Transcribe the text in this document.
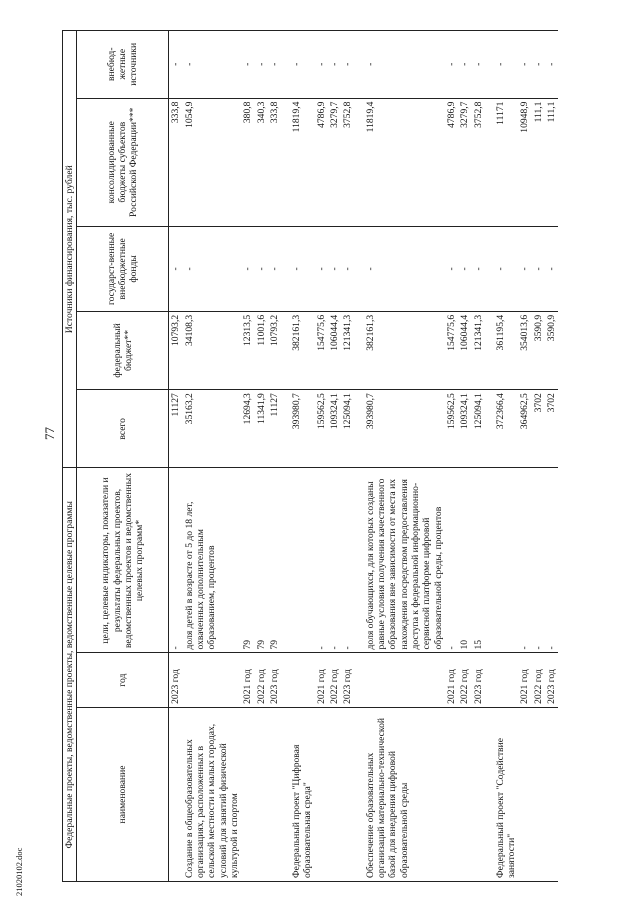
77
Федеральные проекты, ведомственные проекты, ведомственные целевые программы			Источники финансирования, тыс. рублей				
наименование	год	цели, целевые индикаторы, показатели и результаты федеральных проектов, ведомственных проектов и ведомственных целевых программ*	всего	федеральный бюджет**	государст-венные внебюджетные фонды	консолидированные бюджеты субъектов Российской Федерации***	внебюд-жетные источники
	2023 год	-	11127	10793,2	-	333,8	-
Создание в общеобразовательных организациях, расположенных в сельской местности и малых городах, условий для занятий физической культурой и спортом		доля детей в возрасте от 5 до 18 лет, охваченных дополнительным образованием, процентов	35163,2	34108,3	-	1054,9	-
	2021 год	79	12694,3	12313,5	-	380,8	-
	2022 год	79	11341,9	11001,6	-	340,3	-
	2023 год	79	11127	10793,2	-	333,8	-

Федеральный проект "Цифровая образовательная среда"			393980,7	382161,3	-	11819,4	-
	2021 год	-	159562,5	154775,6	-	4786,9	-
	2022 год	-	109324,1	106044,4	-	3279,7	-
	2023 год	-	125094,1	121341,3	-	3752,8	-

Обеспечение образовательных организаций материально-технической базой для внедрения цифровой образовательной среды		доля обучающихся, для которых созданы равные условия получения качественного образования вне зависимости от места их нахождения посредством предоставления доступа к федеральной информационно-сервисной платформе цифровой образовательной среды, процентов	393980,7	382161,3	-	11819,4	-
	2021 год	-	159562,5	154775,6	-	4786,9	-
	2022 год	10	109324,1	106044,4	-	3279,7	-
	2023 год	15	125094,1	121341,3	-	3752,8	-

Федеральный проект "Содействие занятости"			372366,4	361195,4	-	11171	-
	2021 год	-	364962,5	354013,6	-	10948,9	-
	2022 год	-	3702	3590,9	-	111,1	-
	2023 год	-	3702	3590,9	-	111,1	-
21020102.doc
